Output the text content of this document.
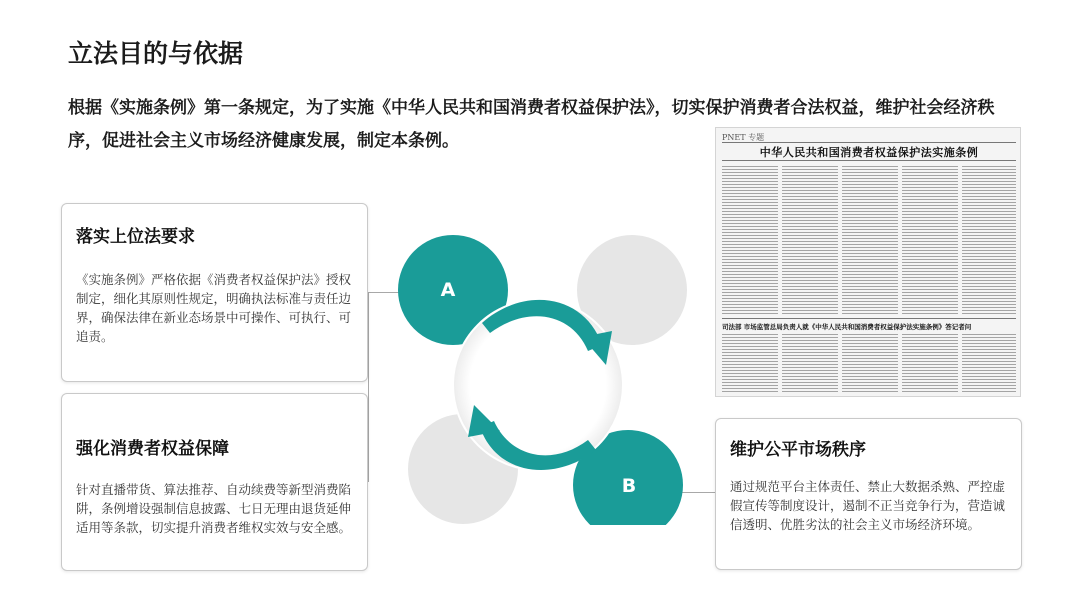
立法目的与依据
根据《实施条例》第一条规定，为了实施《中华人民共和国消费者权益保护法》，切实保护消费者合法权益，维护社会经济秩序，促进社会主义市场经济健康发展，制定本条例。	PNET 专题
中华人民共和国消费者权益保护法实施条例
司法部 市场监管总局负责人就《中华人民共和国消费者权益保护法实施条例》答记者问
落实上位法要求

《实施条例》严格依据《消费者权益保护法》授权制定，细化其原则性规定，明确执法标准与责任边界，确保法律在新业态场景中可操作、可执行、可追责。

强化消费者权益保障

针对直播带货、算法推荐、自动续费等新型消费陷阱，条例增设强制信息披露、七日无理由退货延伸适用等条款，切实提升消费者维权实效与安全感。

维护公平市场秩序

通过规范平台主体责任、禁止大数据杀熟、严控虚假宣传等制度设计，遏制不正当竞争行为，营造诚信透明、优胜劣汰的社会主义市场经济环境。

A
B
